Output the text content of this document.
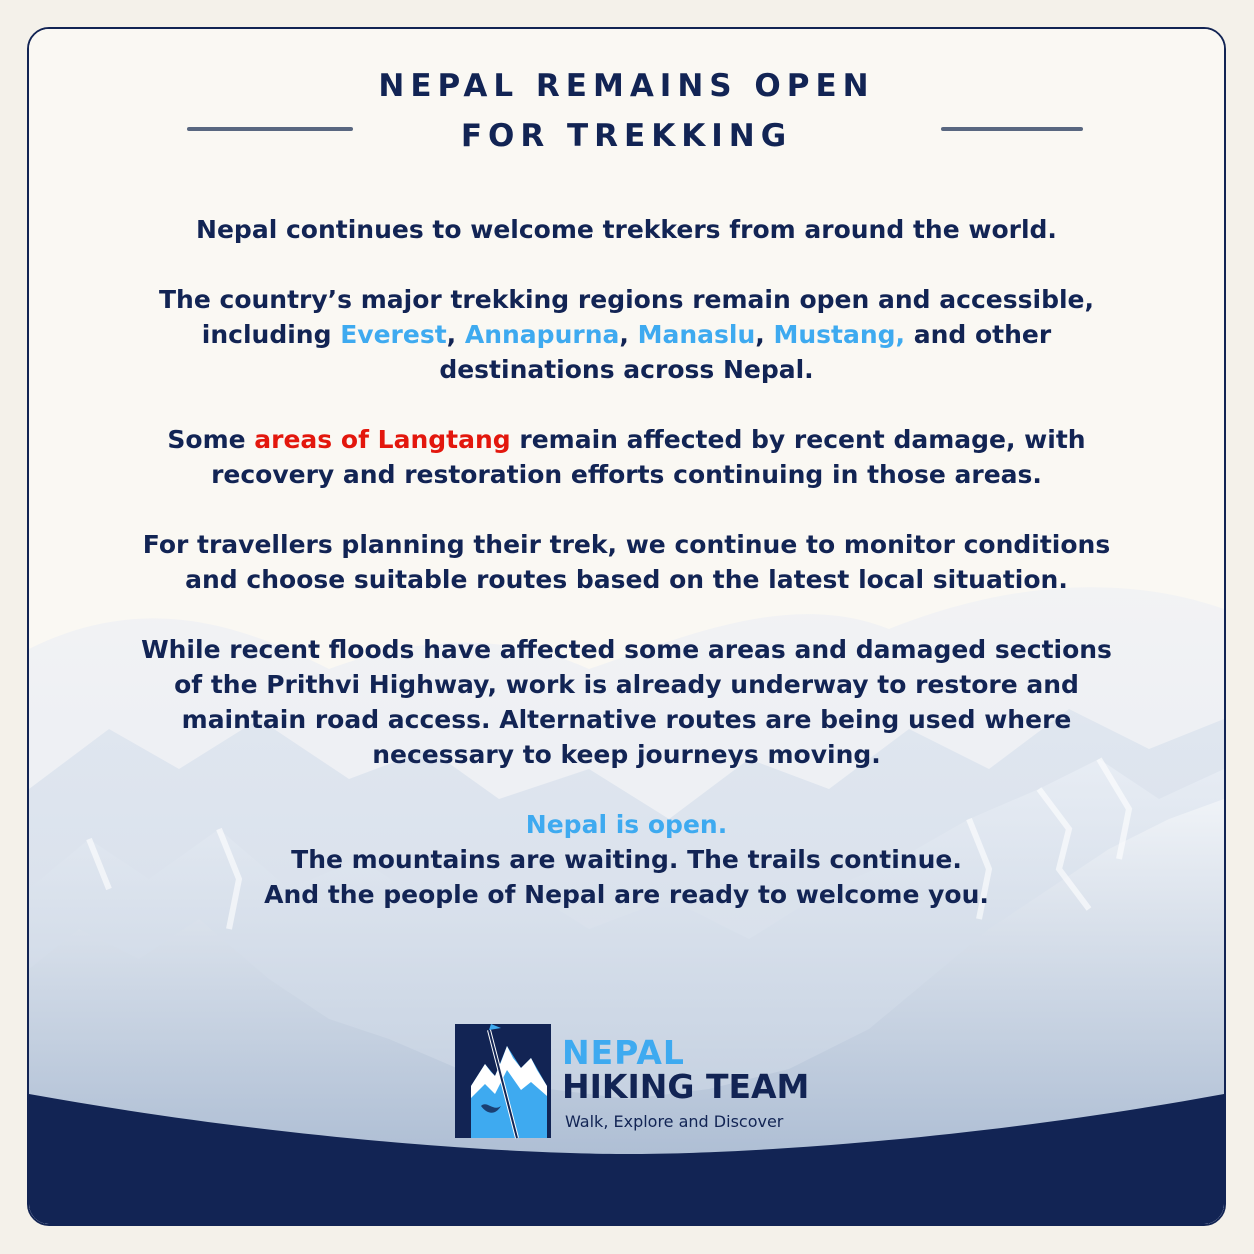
NEPAL REMAINS OPEN
FOR TREKKING

Nepal continues to welcome trekkers from around the world.

The country’s major trekking regions remain open and accessible,
including Everest, Annapurna, Manaslu, Mustang, and other
destinations across Nepal.

Some areas of Langtang remain affected by recent damage, with
recovery and restoration efforts continuing in those areas.

For travellers planning their trek, we continue to monitor conditions
and choose suitable routes based on the latest local situation.

While recent floods have affected some areas and damaged sections
of the Prithvi Highway, work is already underway to restore and
maintain road access. Alternative routes are being used where
necessary to keep journeys moving.

Nepal is open.
The mountains are waiting. The trails continue.
And the people of Nepal are ready to welcome you.

NEPAL
HIKING TEAM
Walk, Explore and Discover
